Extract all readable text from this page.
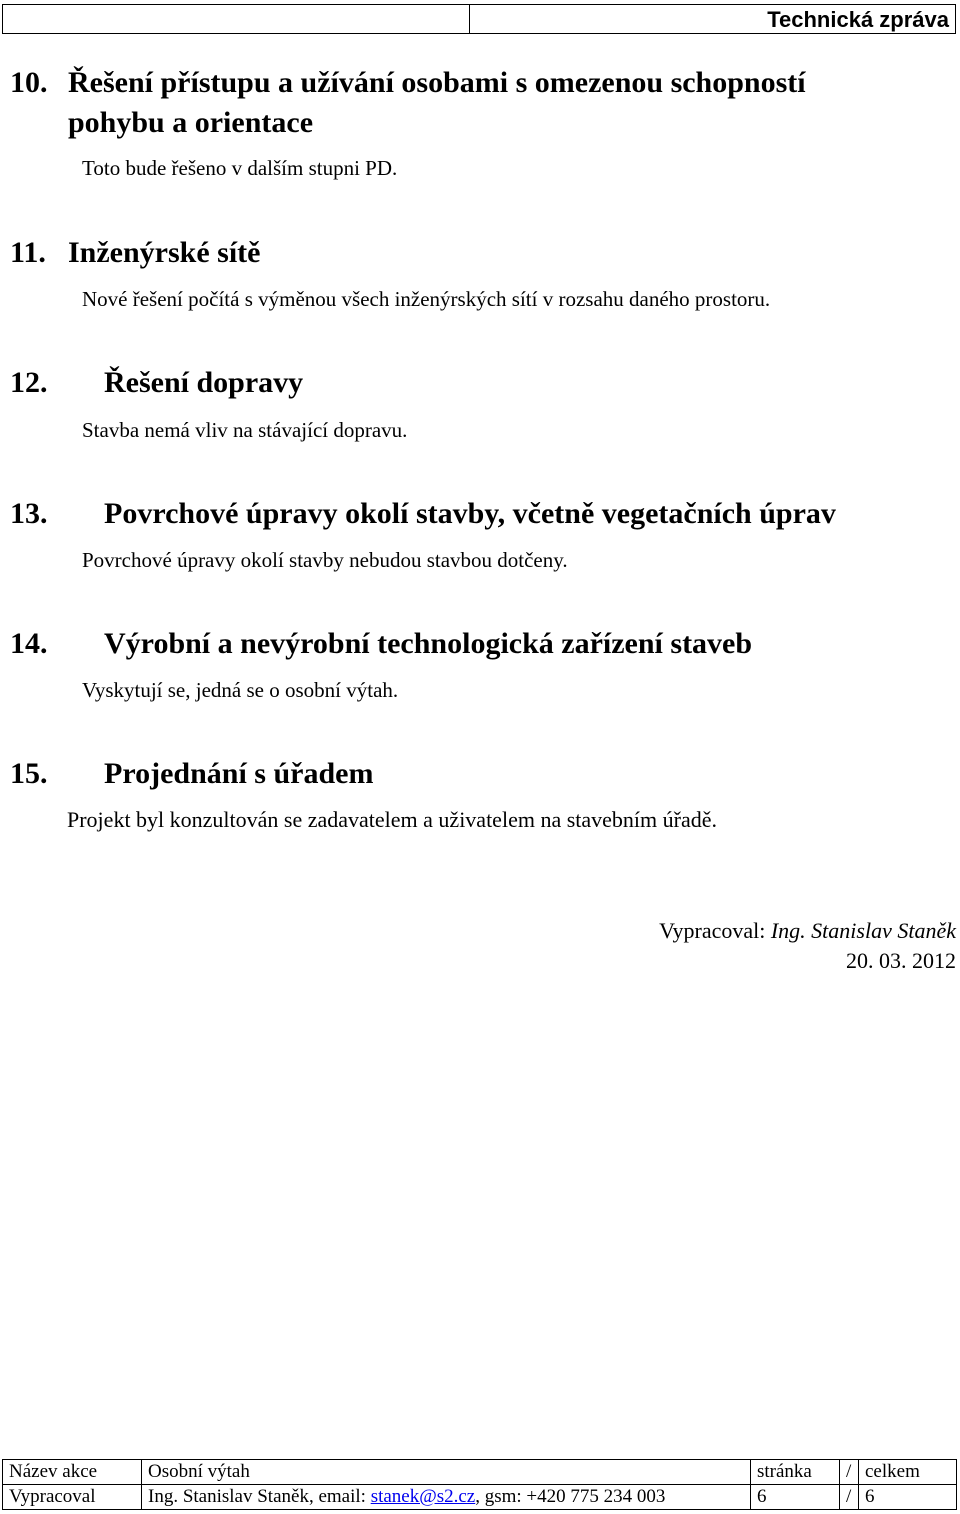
Technická zpráva
10. Řešení přístupu a užívání osobami s omezenou schopností
pohybu a orientace

Toto bude řešeno v dalším stupni PD.

11. Inženýrské sítě

Nové řešení počítá s výměnou všech inženýrských sítí v rozsahu daného prostoru.

12. Řešení dopravy

Stavba nemá vliv na stávající dopravu.

13. Povrchové úpravy okolí stavby, včetně vegetačních úprav

Povrchové úpravy okolí stavby nebudou stavbou dotčeny.

14. Výrobní a nevýrobní technologická zařízení staveb

Vyskytují se, jedná se o osobní výtah.

15. Projednání s úřadem

Projekt byl konzultován se zadavatelem a uživatelem na stavebním úřadě.

Vypracoval: Ing. Stanislav Staněk
20. 03. 2012
Název akce	Osobní výtah	stránka	/	celkem
Vypracoval	Ing. Stanislav Staněk, email: stanek@s2.cz, gsm: +420 775 234 003	6	/	6
